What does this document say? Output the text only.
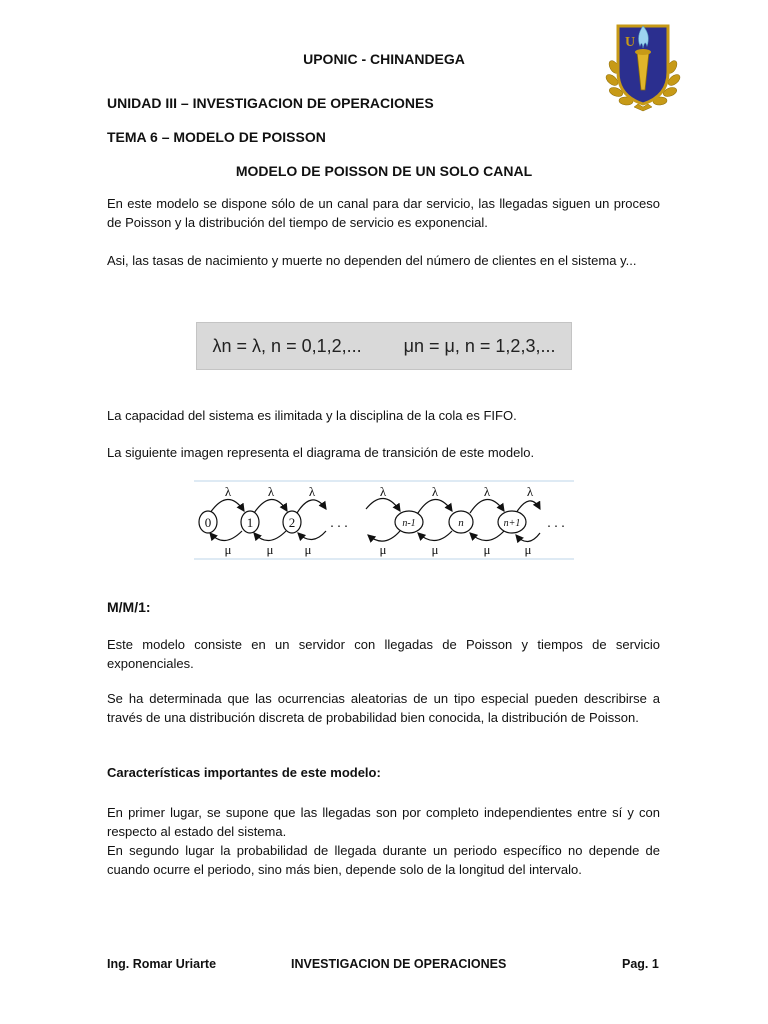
UPONIC - CHINANDEGA
U
UNIDAD III – INVESTIGACION DE OPERACIONES
TEMA 6 – MODELO DE POISSON
MODELO DE POISSON DE UN SOLO CANAL
En este modelo se dispone sólo de un canal para dar servicio, las llegadas siguen un proceso de Poisson y la distribución del tiempo de servicio es exponencial.
Asi, las tasas de nacimiento y muerte no dependen del número de clientes en el sistema y...
λn = λ, n = 0,1,2,... μn = μ, n = 1,2,3,...
La capacidad del sistema es ilimitada y la disciplina de la cola es FIFO.
La siguiente imagen representa el diagrama de transición de este modelo.
0	1	2	n-1	n	n+1
. . .	. . .
λ	λ	λ	λ	λ	λ	λ
μ	μ μ	μ	μ	μ	μ
M/M/1:
Este modelo consiste en un servidor con llegadas de Poisson y tiempos de servicio exponenciales.
Se ha determinada que las ocurrencias aleatorias de un tipo especial pueden describirse a través de una distribución discreta de probabilidad bien conocida, la distribución de Poisson.
Características importantes de este modelo:
En primer lugar, se supone que las llegadas son por completo independientes entre sí y con respecto al estado del sistema.
En segundo lugar la probabilidad de llegada durante un periodo específico no depende de cuando ocurre el periodo, sino más bien, depende solo de la longitud del intervalo.
Ing. Romar Uriarte	INVESTIGACION DE OPERACIONES	Pag. 1
